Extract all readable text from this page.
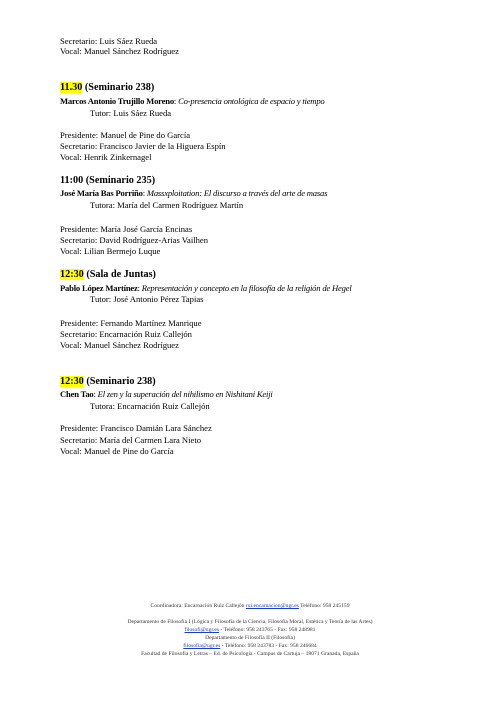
Secretario: Luis Sáez Rueda
Vocal: Manuel Sánchez Rodríguez
11.30 (Seminario 238)
Marcos Antonio Trujillo Moreno: Co-presencia ontológica de espacio y tiempo
Tutor: Luis Sáez Rueda
Presidente: Manuel de Pine do García
Secretario: Francisco Javier de la Higuera Espín
Vocal: Henrik Zinkernagel
11:00 (Seminario 235)
José María Bas Porriño: Massxploitation: El discurso a través del arte de masas
Tutora: María del Carmen Rodríguez Martín
Presidente: María José García Encinas
Secretario: David Rodríguez-Arias Vailhen
Vocal: Lilian Bermejo Luque
12:30 (Sala de Juntas)
Pablo López Martínez: Representación y concepto en la filosofía de la religión de Hegel
Tutor: José Antonio Pérez Tapias
Presidente: Fernando Martínez Manrique
Secretario: Encarnación Ruiz Callejón
Vocal: Manuel Sánchez Rodríguez
12:30 (Seminario 238)
Chen Tao: El zen y la superación del nihilismo en Nishitani Keiji
Tutora: Encarnación Ruiz Callejón
Presidente: Francisco Damián Lara Sánchez
Secretario: María del Carmen Lara Nieto
Vocal: Manuel de Pine do García
Coordinadora: Encarnación Ruiz Callejón rui.encarnacion@ugr.es Teléfono: 958 245159
Departamento de Filosofía I (Lógica y Filosofía de la Ciencia, Filosofía Moral, Estética y Teoría de las Artes)
filosofi@ugr.es - Teléfono: 958 243765 - Fax: 958 248981
Departamento de Filosofía II (Filosofía)
filosofia@ugr.es - Teléfono: 958 243783 - Fax: 958 246684
Facultad de Filosofía y Letras – Ed. de Psicología - Campus de Cartuja – 18071 Granada, España
